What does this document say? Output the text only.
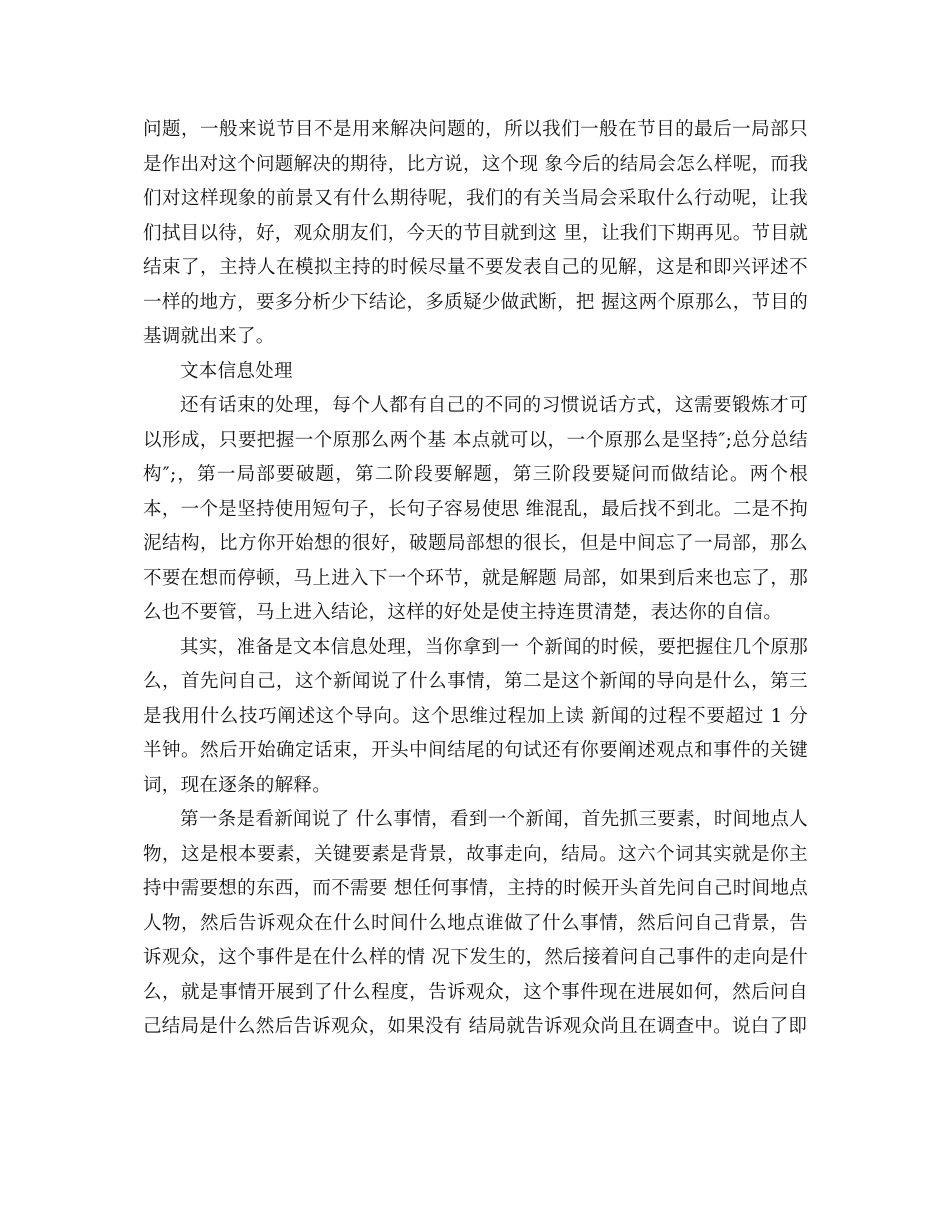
问题，一般来说节目不是用来解决问题的，所以我们一般在节目的最后一局部只是作出对这个问题解决的期待，比方说，这个现 象今后的结局会怎么样呢，而我们对这样现象的前景又有什么期待呢，我们的有关当局会采取什么行动呢，让我们拭目以待，好，观众朋友们，今天的节目就到这 里，让我们下期再见。节目就结束了，主持人在模拟主持的时候尽量不要发表自己的见解，这是和即兴评述不一样的地方，要多分析少下结论，多质疑少做武断，把 握这两个原那么，节目的基调就出来了。

文本信息处理

还有话束的处理，每个人都有自己的不同的习惯说话方式，这需要锻炼才可以形成，只要把握一个原那么两个基 本点就可以，一个原那么是坚持″;总分总结构″;，第一局部要破题，第二阶段要解题，第三阶段要疑问而做结论。两个根本，一个是坚持使用短句子，长句子容易使思 维混乱，最后找不到北。二是不拘泥结构，比方你开始想的很好，破题局部想的很长，但是中间忘了一局部，那么不要在想而停顿，马上进入下一个环节，就是解题 局部，如果到后来也忘了，那么也不要管，马上进入结论，这样的好处是使主持连贯清楚，表达你的自信。

其实，准备是文本信息处理，当你拿到一 个新闻的时候，要把握住几个原那么，首先问自己，这个新闻说了什么事情，第二是这个新闻的导向是什么，第三是我用什么技巧阐述这个导向。这个思维过程加上读 新闻的过程不要超过 1 分半钟。然后开始确定话束，开头中间结尾的句试还有你要阐述观点和事件的关键词，现在逐条的解释。

第一条是看新闻说了 什么事情，看到一个新闻，首先抓三要素，时间地点人物，这是根本要素，关键要素是背景，故事走向，结局。这六个词其实就是你主持中需要想的东西，而不需要 想任何事情，主持的时候开头首先问自己时间地点人物，然后告诉观众在什么时间什么地点谁做了什么事情，然后问自己背景，告诉观众，这个事件是在什么样的情 况下发生的，然后接着问自己事件的走向是什么，就是事情开展到了什么程度，告诉观众，这个事件现在进展如何，然后问自己结局是什么然后告诉观众，如果没有 结局就告诉观众尚且在调查中。说白了即
